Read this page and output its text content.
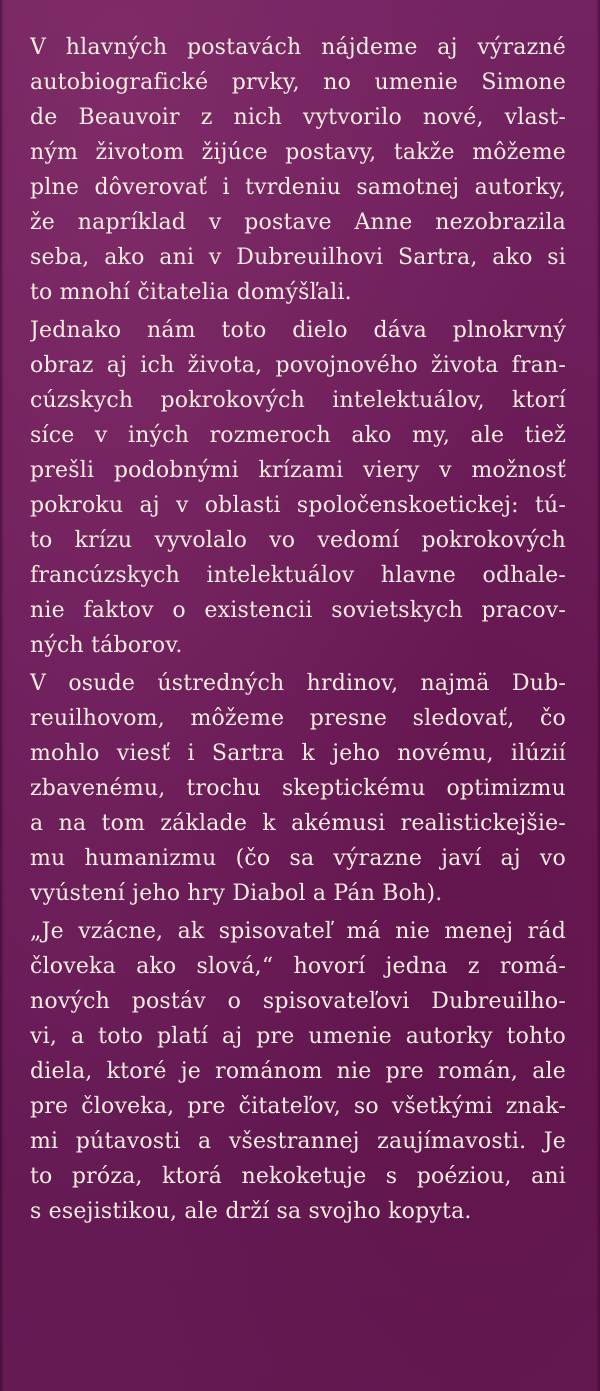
V hlavných postavách nájdeme aj výrazné
autobiografické prvky, no umenie Simone
de Beauvoir z nich vytvorilo nové, vlast-
ným životom žijúce postavy, takže môžeme
plne dôverovať i tvrdeniu samotnej autorky,
že napríklad v postave Anne nezobrazila
seba, ako ani v Dubreuilhovi Sartra, ako si
to mnohí čitatelia domýšľali.
Jednako nám toto dielo dáva plnokrvný
obraz aj ich života, povojnového života fran-
cúzskych pokrokových intelektuálov, ktorí
síce v iných rozmeroch ako my, ale tiež
prešli podobnými krízami viery v možnosť
pokroku aj v oblasti spoločenskoetickej: tú-
to krízu vyvolalo vo vedomí pokrokových
francúzskych intelektuálov hlavne odhale-
nie faktov o existencii sovietskych pracov-
ných táborov.
V osude ústredných hrdinov, najmä Dub-
reuilhovom, môžeme presne sledovať, čo
mohlo viesť i Sartra k jeho novému, ilúzií
zbavenému, trochu skeptickému optimizmu
a na tom základe k akémusi realistickejšie-
mu humanizmu (čo sa výrazne javí aj vo
vyústení jeho hry Diabol a Pán Boh).
„Je vzácne, ak spisovateľ má nie menej rád
človeka ako slová,“ hovorí jedna z romá-
nových postáv o spisovateľovi Dubreuilho-
vi, a toto platí aj pre umenie autorky tohto
diela, ktoré je románom nie pre román, ale
pre človeka, pre čitateľov, so všetkými znak-
mi pútavosti a všestrannej zaujímavosti. Je
to próza, ktorá nekoketuje s poéziou, ani
s esejistikou, ale drží sa svojho kopyta.
